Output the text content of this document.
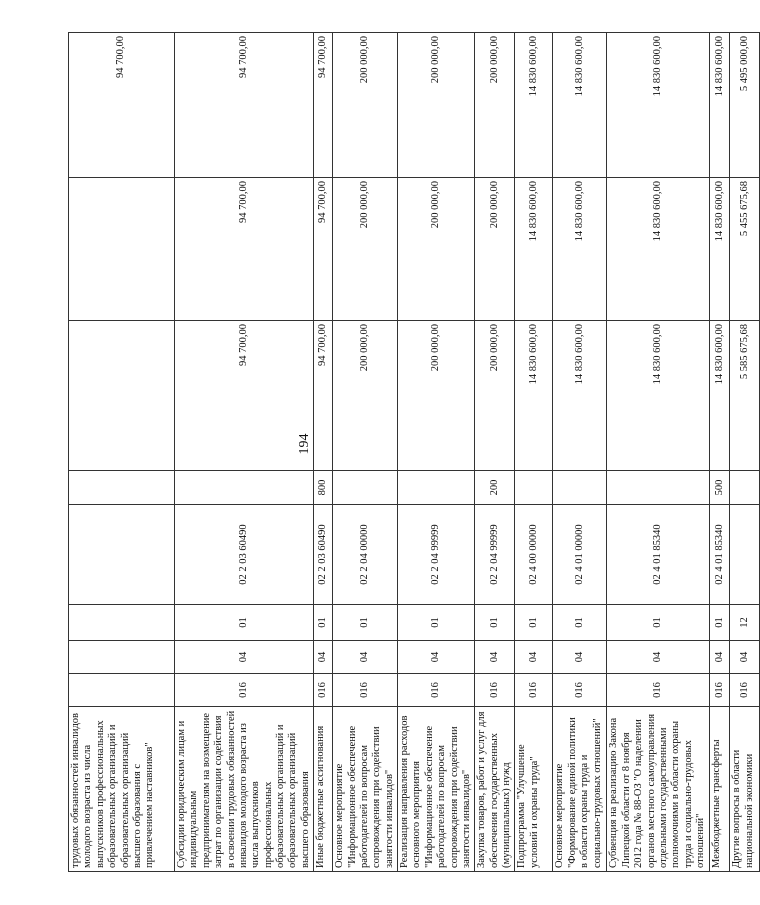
194
трудовых обязанностей инвалидов молодого возраста из числа выпускников профессиональных образовательных организаций и образовательных организаций высшего образования с привлечением наставников"								94 700,00
Субсидии юридическим лицам и индивидуальным предпринимателям на возмещение затрат по организации содействия в освоении трудовых обязанностей инвалидов молодого возраста из числа выпускников профессиональных образовательных организаций и образовательных организаций высшего образования	016	04	01	02 2 03 60490		94 700,00	94 700,00	94 700,00
Иные бюджетные ассигнования	016	04	01	02 2 03 60490	800	94 700,00	94 700,00	94 700,00
Основное мероприятие "Информационное обеспечение работодателей по вопросам сопровождения при содействии занятости инвалидов"	016	04	01	02 2 04 00000		200 000,00	200 000,00	200 000,00
Реализация направления расходов основного мероприятия "Информационное обеспечение работодателей по вопросам сопровождения при содействии занятости инвалидов"	016	04	01	02 2 04 99999		200 000,00	200 000,00	200 000,00
Закупка товаров, работ и услуг для обеспечения государственных (муниципальных) нужд	016	04	01	02 2 04 99999	200	200 000,00	200 000,00	200 000,00
Подпрограмма "Улучшение условий и охраны труда"	016	04	01	02 4 00 00000		14 830 600,00	14 830 600,00	14 830 600,00
Основное мероприятие "Формирование единой политики в области охраны труда и социально-трудовых отношений"	016	04	01	02 4 01 00000		14 830 600,00	14 830 600,00	14 830 600,00
Субвенция на реализацию Закона Липецкой области от 8 ноября 2012 года № 88-ОЗ "О наделении органов местного самоуправления отдельными государственными полномочиями в области охраны труда и социально-трудовых отношений"	016	04	01	02 4 01 85340		14 830 600,00	14 830 600,00	14 830 600,00
Межбюджетные трансферты	016	04	01	02 4 01 85340	500	14 830 600,00	14 830 600,00	14 830 600,00
Другие вопросы в области национальной экономики	016	04	12			5 585 675,68	5 455 675,68	5 495 000,00
